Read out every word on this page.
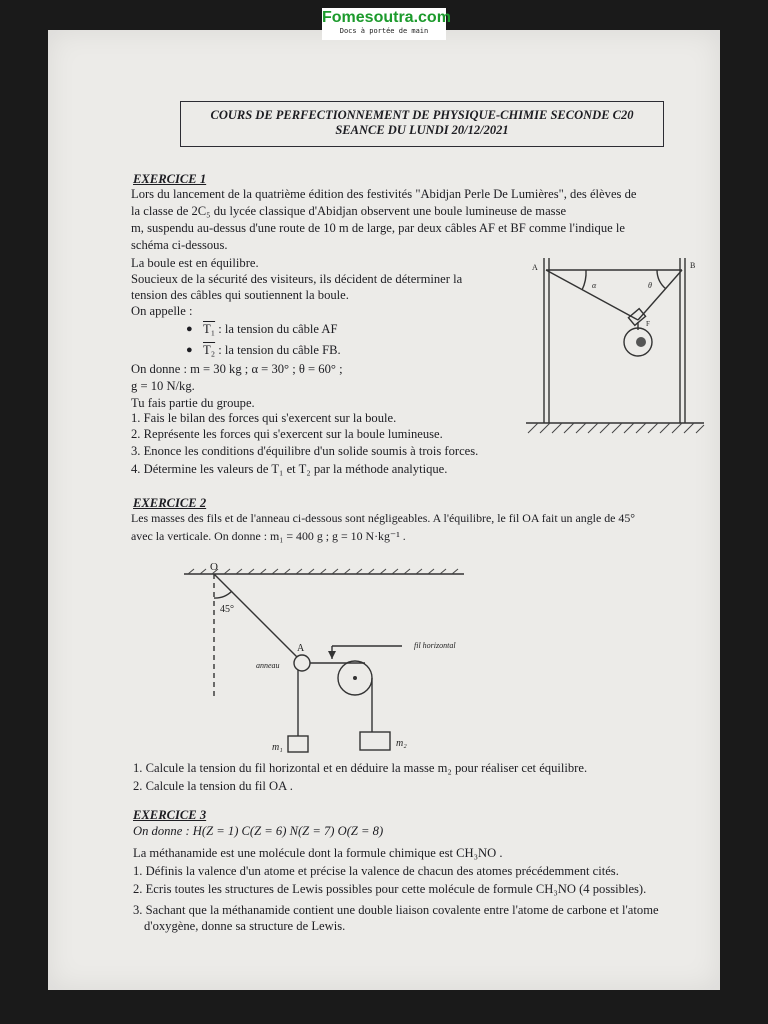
Fomesoutra.com
Docs à portée de main
COURS DE PERFECTIONNEMENT DE PHYSIQUE-CHIMIE SECONDE C20
SEANCE DU LUNDI 20/12/2021
EXERCICE 1
Lors du lancement de la quatrième édition des festivités "Abidjan Perle De Lumières", des élèves de
la classe de 2C₅ du lycée classique d'Abidjan observent une boule lumineuse de masse
m, suspendu au-dessus d'une route de 10 m de large, par deux câbles AF et BF comme l'indique le
schéma ci-dessous.
La boule est en équilibre.
Soucieux de la sécurité des visiteurs, ils décident de déterminer la
tension des câbles qui soutiennent la boule.
On appelle :
● T₁ : la tension du câble AF
● T₂ : la tension du câble FB.
On donne : m = 30 kg ; α = 30° ; θ = 60° ;
g = 10 N/kg.
Tu fais partie du groupe.
1. Fais le bilan des forces qui s'exercent sur la boule.
2. Représente les forces qui s'exercent sur la boule lumineuse.
3. Enonce les conditions d'équilibre d'un solide soumis à trois forces.
4. Détermine les valeurs de T₁ et T₂ par la méthode analytique.
A	B
F
α	θ
EXERCICE 2
Les masses des fils et de l'anneau ci-dessous sont négligeables. A l'équilibre, le fil OA fait un angle de 45°
avec la verticale. On donne : m₁ = 400 g ; g = 10 N·kg⁻¹ .
O
45°
A
anneau
fil horizontal
m₁	m₂
1. Calcule la tension du fil horizontal et en déduire la masse m₂ pour réaliser cet équilibre.
2. Calcule la tension du fil OA .
EXERCICE 3
On donne : H(Z = 1) C(Z = 6) N(Z = 7) O(Z = 8)
La méthanamide est une molécule dont la formule chimique est CH₃NO .
1. Définis la valence d'un atome et précise la valence de chacun des atomes précédemment cités.
2. Ecris toutes les structures de Lewis possibles pour cette molécule de formule CH₃NO (4 possibles).
3. Sachant que la méthanamide contient une double liaison covalente entre l'atome de carbone et l'atome
d'oxygène, donne sa structure de Lewis.
